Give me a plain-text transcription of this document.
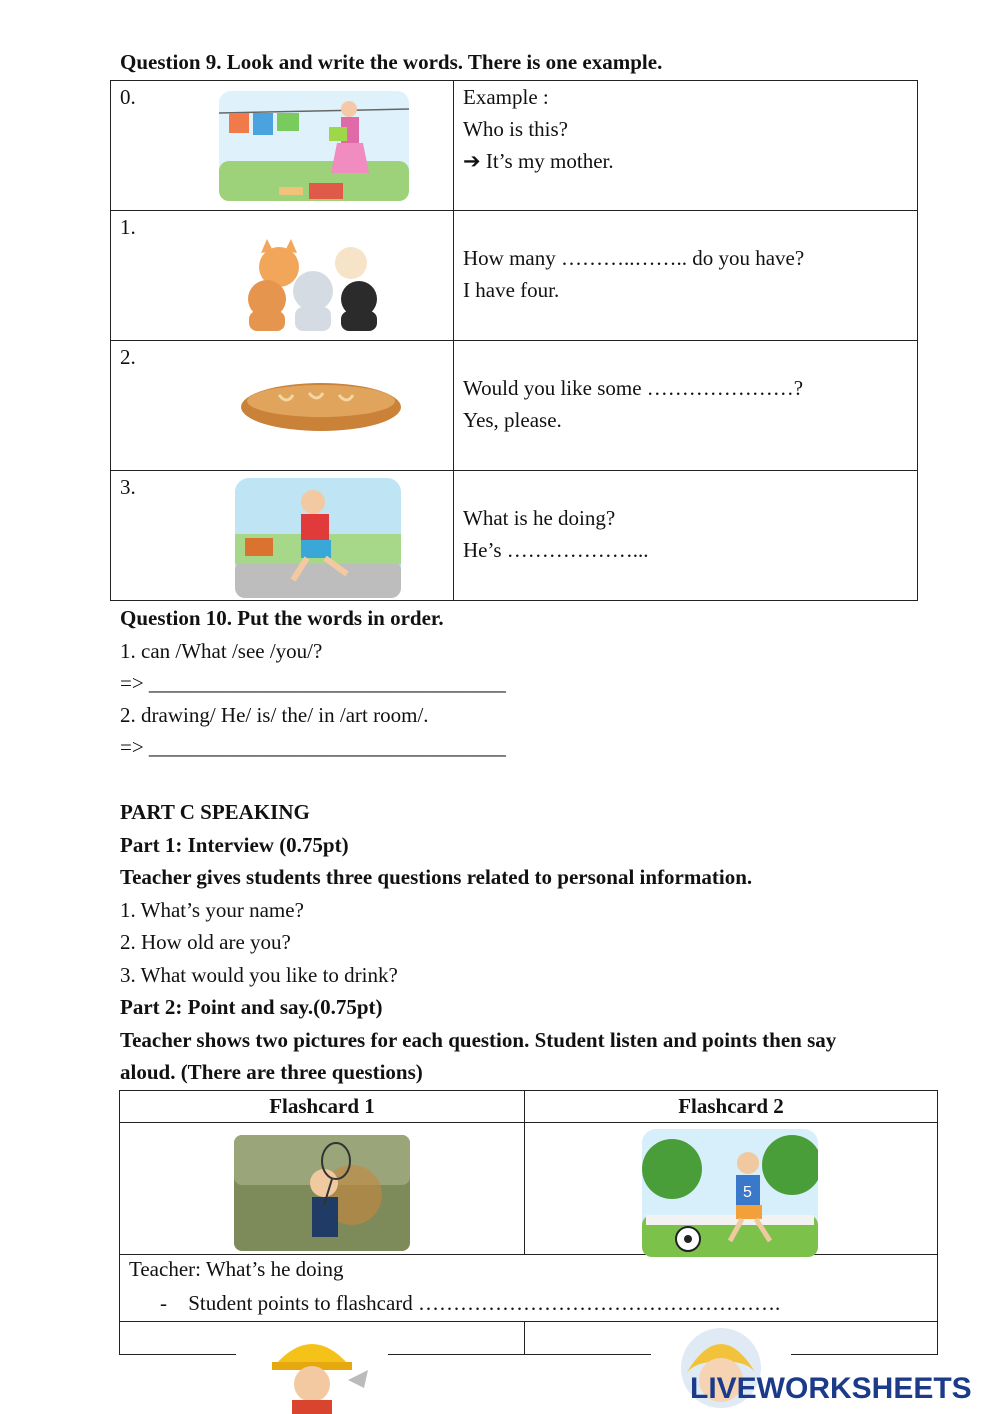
Question 9. Look and write the words. There is one example.
0.	Example :
Who is this?
➔ It’s my mother.

1.	How many ………..…….. do you have?
I have four.

2.	Would you like some …………………?
Yes, please.

3.	What is he doing?
He’s ………………...
Question 10. Put the words in order.
1. can /What /see /you/?
=> __________________________________
2. drawing/ He/ is/ the/ in /art room/.
=> __________________________________
PART C SPEAKING
Part 1: Interview (0.75pt)
Teacher gives students three questions related to personal information.
1. What’s your name?
2. How old are you?
3. What would you like to drink?
Part 2: Point and say.(0.75pt)
Teacher shows two pictures for each question. Student listen and points then say
aloud. (There are three questions)
Flashcard 1	Flashcard 2

5

Teacher: What’s he doing
- Student points to flashcard …………………………………………….	

LIVEWORKSHEETS
